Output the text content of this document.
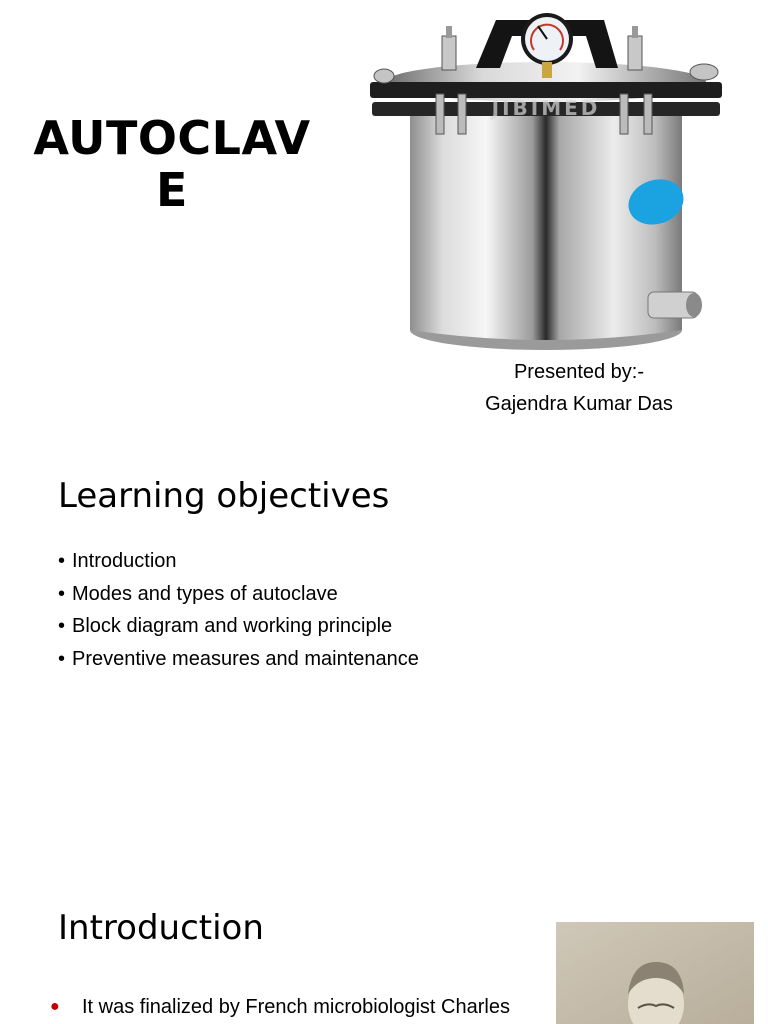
AUTOCLAVE
JIBIMED
Presented by:-
Gajendra Kumar Das
Learning objectives
• Introduction
• Modes and types of autoclave
• Block diagram and working principle
• Preventive measures and maintenance
Introduction
● It was finalized by French microbiologist Charles
